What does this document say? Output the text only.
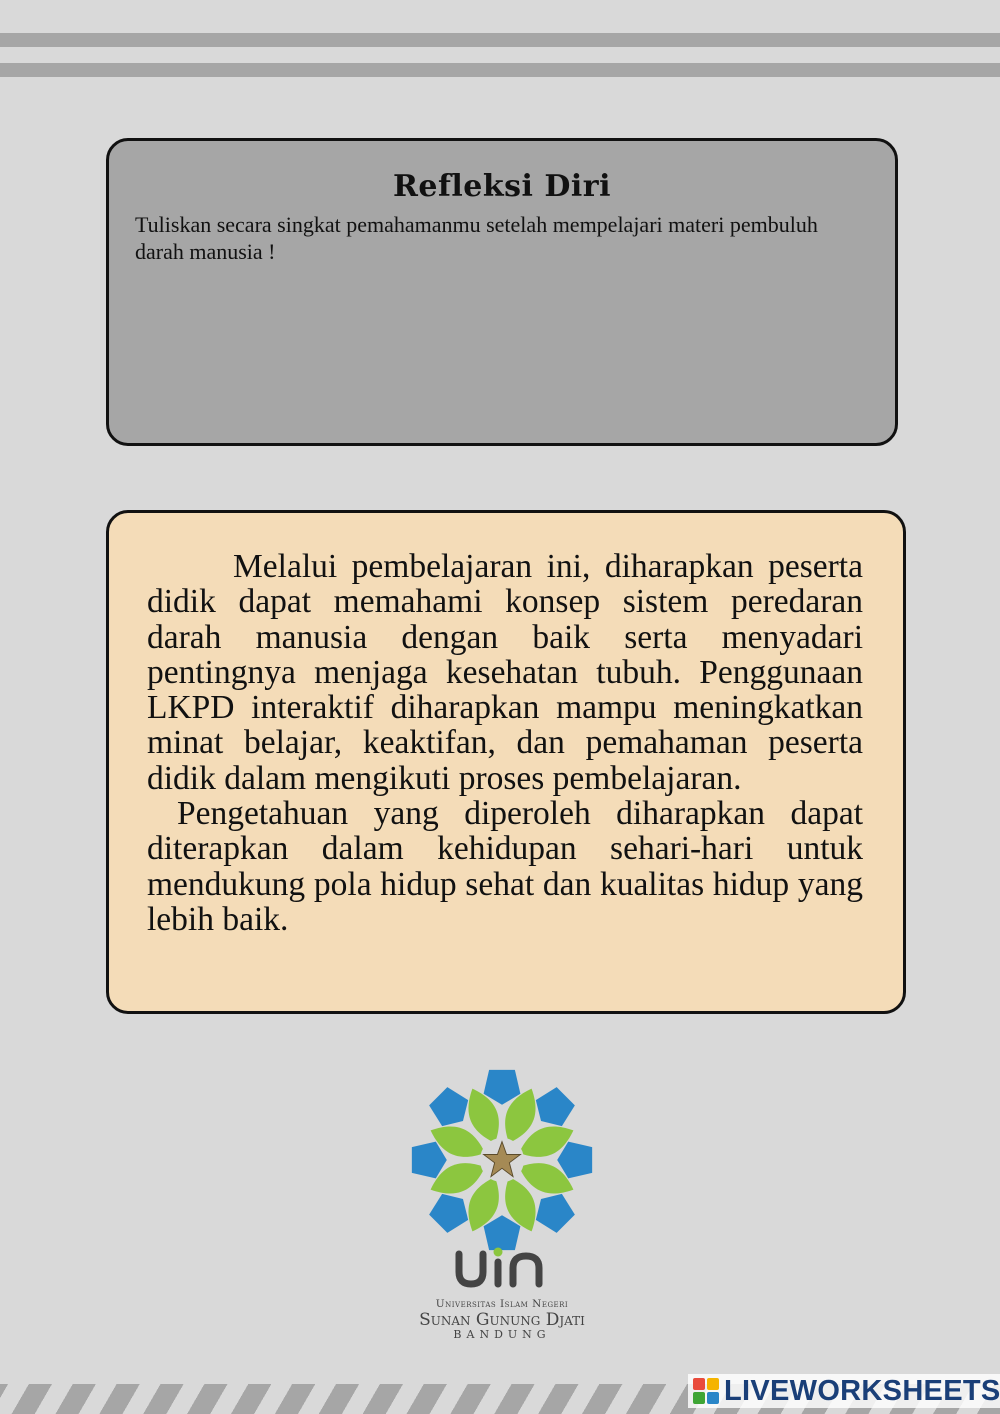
Refleksi Diri
Tuliskan secara singkat pemahamanmu setelah mempelajari materi pembuluh darah manusia !

Melalui pembelajaran ini, diharapkan peserta didik dapat memahami konsep sistem peredaran darah manusia dengan baik serta menyadari pentingnya menjaga kesehatan tubuh. Penggunaan LKPD interaktif diharapkan mampu meningkatkan minat belajar, keaktifan, dan pemahaman peserta didik dalam mengikuti proses pembelajaran.

Pengetahuan yang diperoleh diharapkan dapat diterapkan dalam kehidupan sehari-hari untuk mendukung pola hidup sehat dan kualitas hidup yang lebih baik.

Universitas Islam Negeri
Sunan Gunung Djati
BANDUNG
LIVEWORKSHEETS
